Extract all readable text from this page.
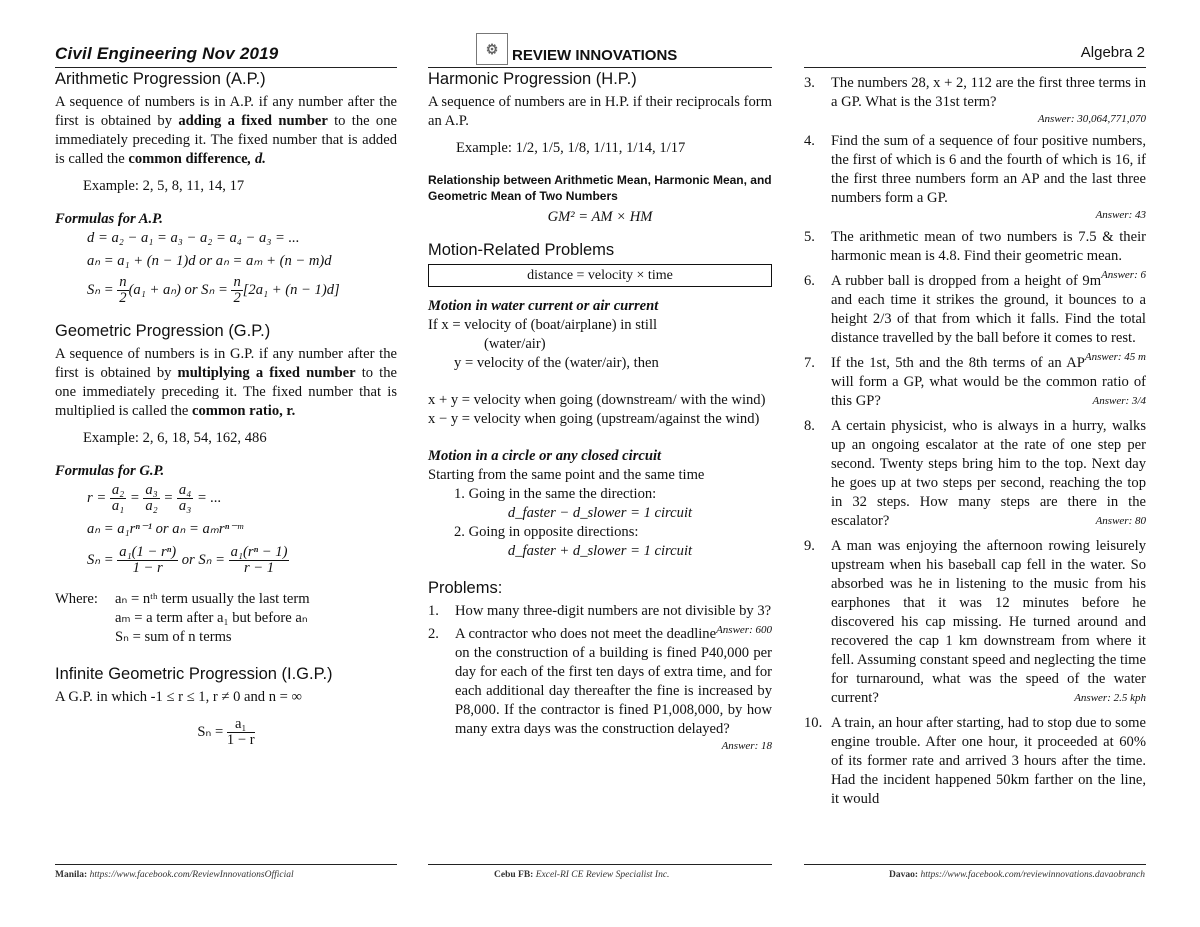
Civil Engineering Nov 2019	⚙ REVIEW INNOVATIONS	Algebra 2
Arithmetic Progression (A.P.)

A sequence of numbers is in A.P. if any number after the first is obtained by adding a fixed number to the one immediately preceding it. The fixed number that is added is called the common difference, d.

Example: 2, 5, 8, 11, 14, 17

Formulas for A.P.

d = a₂ − a₁ = a₃ − a₂ = a₄ − a₃ = ...

aₙ = a₁ + (n − 1)d or aₙ = aₘ + (n − m)d

$S_n = \frac{n}{2} (a_1 + a_n)$ or $S_n = \frac{n}{2} [2a_1 + (n - 1)d]$

Geometric Progression (G.P.)

A sequence of numbers is in G.P. if any number after the first is obtained by multiplying a fixed number to the one immediately preceding it. The fixed number that is multiplied is called the common ratio, r.

Example: 2, 6, 18, 54, 162, 486

Formulas for G.P.

$r = \frac{\text{a₂}}{\text{a₁}} = \frac{\text{a₃}}{\text{a₂}} = \frac{\text{a₄}}{\text{a₃}}$ = ...

aₙ = a₁rⁿ⁻¹ or aₙ = aₘrⁿ⁻ᵐ

$S_n = \frac{\text{a₁(1 − rⁿ)}}{1 - r}$ or $S_n = \frac{\text{a₁(rⁿ − 1)}}{r - 1}$

Where:	aₙ = nᵗʰ term usually the last term

aₘ = a term after a₁ but before aₙ

Sₙ = sum of n terms

Infinite Geometric Progression (I.G.P.)

A G.P. in which -1 ≤ r ≤ 1, r ≠ 0 and n = ∞

$S_n = \frac{\text{a₁}}{1 - r}$

Harmonic Progression (H.P.)

A sequence of numbers are in H.P. if their reciprocals form an A.P.

Example: 1/2, 1/5, 1/8, 1/11, 1/14, 1/17

Relationship between Arithmetic Mean, Harmonic Mean, and Geometric Mean of Two Numbers

GM² = AM × HM

Motion-Related Problems
distance = velocity × time

Motion in water current or air current

If x = velocity of (boat/airplane) in still

(water/air)

y = velocity of the (water/air), then

x + y = velocity when going (downstream/ with the wind)

x − y = velocity when going (upstream/against the wind)

Motion in a circle or any closed circuit

Starting from the same point and the same time

1. Going in the same the direction:

d_faster − d_slower = 1 circuit

2. Going in opposite directions:

d_faster + d_slower = 1 circuit

Problems:
1. How many three-digit numbers are not divisible by 3?
Answer: 600
2. A contractor who does not meet the deadline on the construction of a building is fined P40,000 per day for each of the first ten days of extra time, and for each additional day thereafter the fine is increased by P8,000. If the contractor is fined P1,008,000, by how many extra days was the construction delayed?
Answer: 18
3. The numbers 28, x + 2, 112 are the first three terms in a GP. What is the 31st term?
Answer: 30,064,771,070
4. Find the sum of a sequence of four positive numbers, the first of which is 6 and the fourth of which is 16, if the first three numbers form an AP and the last three numbers form a GP.
Answer: 43
5. The arithmetic mean of two numbers is 7.5 & their harmonic mean is 4.8. Find their geometric mean.
Answer: 6
6. A rubber ball is dropped from a height of 9m and each time it strikes the ground, it bounces to a height 2/3 of that from which it falls. Find the total distance travelled by the ball before it comes to rest.
Answer: 45 m
7. If the 1st, 5th and the 8th terms of an AP will form a GP, what would be the common ratio of this GP?	Answer: 3/4
8. A certain physicist, who is always in a hurry, walks up an ongoing escalator at the rate of one step per second. Twenty steps bring him to the top. Next day he goes up at two steps per second, reaching the top in 32 steps. How many steps are there in the escalator?	Answer: 80
9. A man was enjoying the afternoon rowing leisurely upstream when his baseball cap fell in the water. So absorbed was he in listening to the music from his earphones that it was 12 minutes before he discovered his cap missing. He turned around and recovered the cap 1 km downstream from where it fell. Assuming constant speed and neglecting the time for turnaround, what was the speed of the water current?	Answer: 2.5 kph
10. A train, an hour after starting, had to stop due to some engine trouble. After one hour, it proceeded at 60% of its former rate and arrived 3 hours after the time. Had the incident happened 50km farther on the line, it would
Manila: https://www.facebook.com/ReviewInnovationsOfficial	Cebu FB: Excel-RI CE Review Specialist Inc.	Davao: https://www.facebook.com/reviewinnovations.davaobranch
